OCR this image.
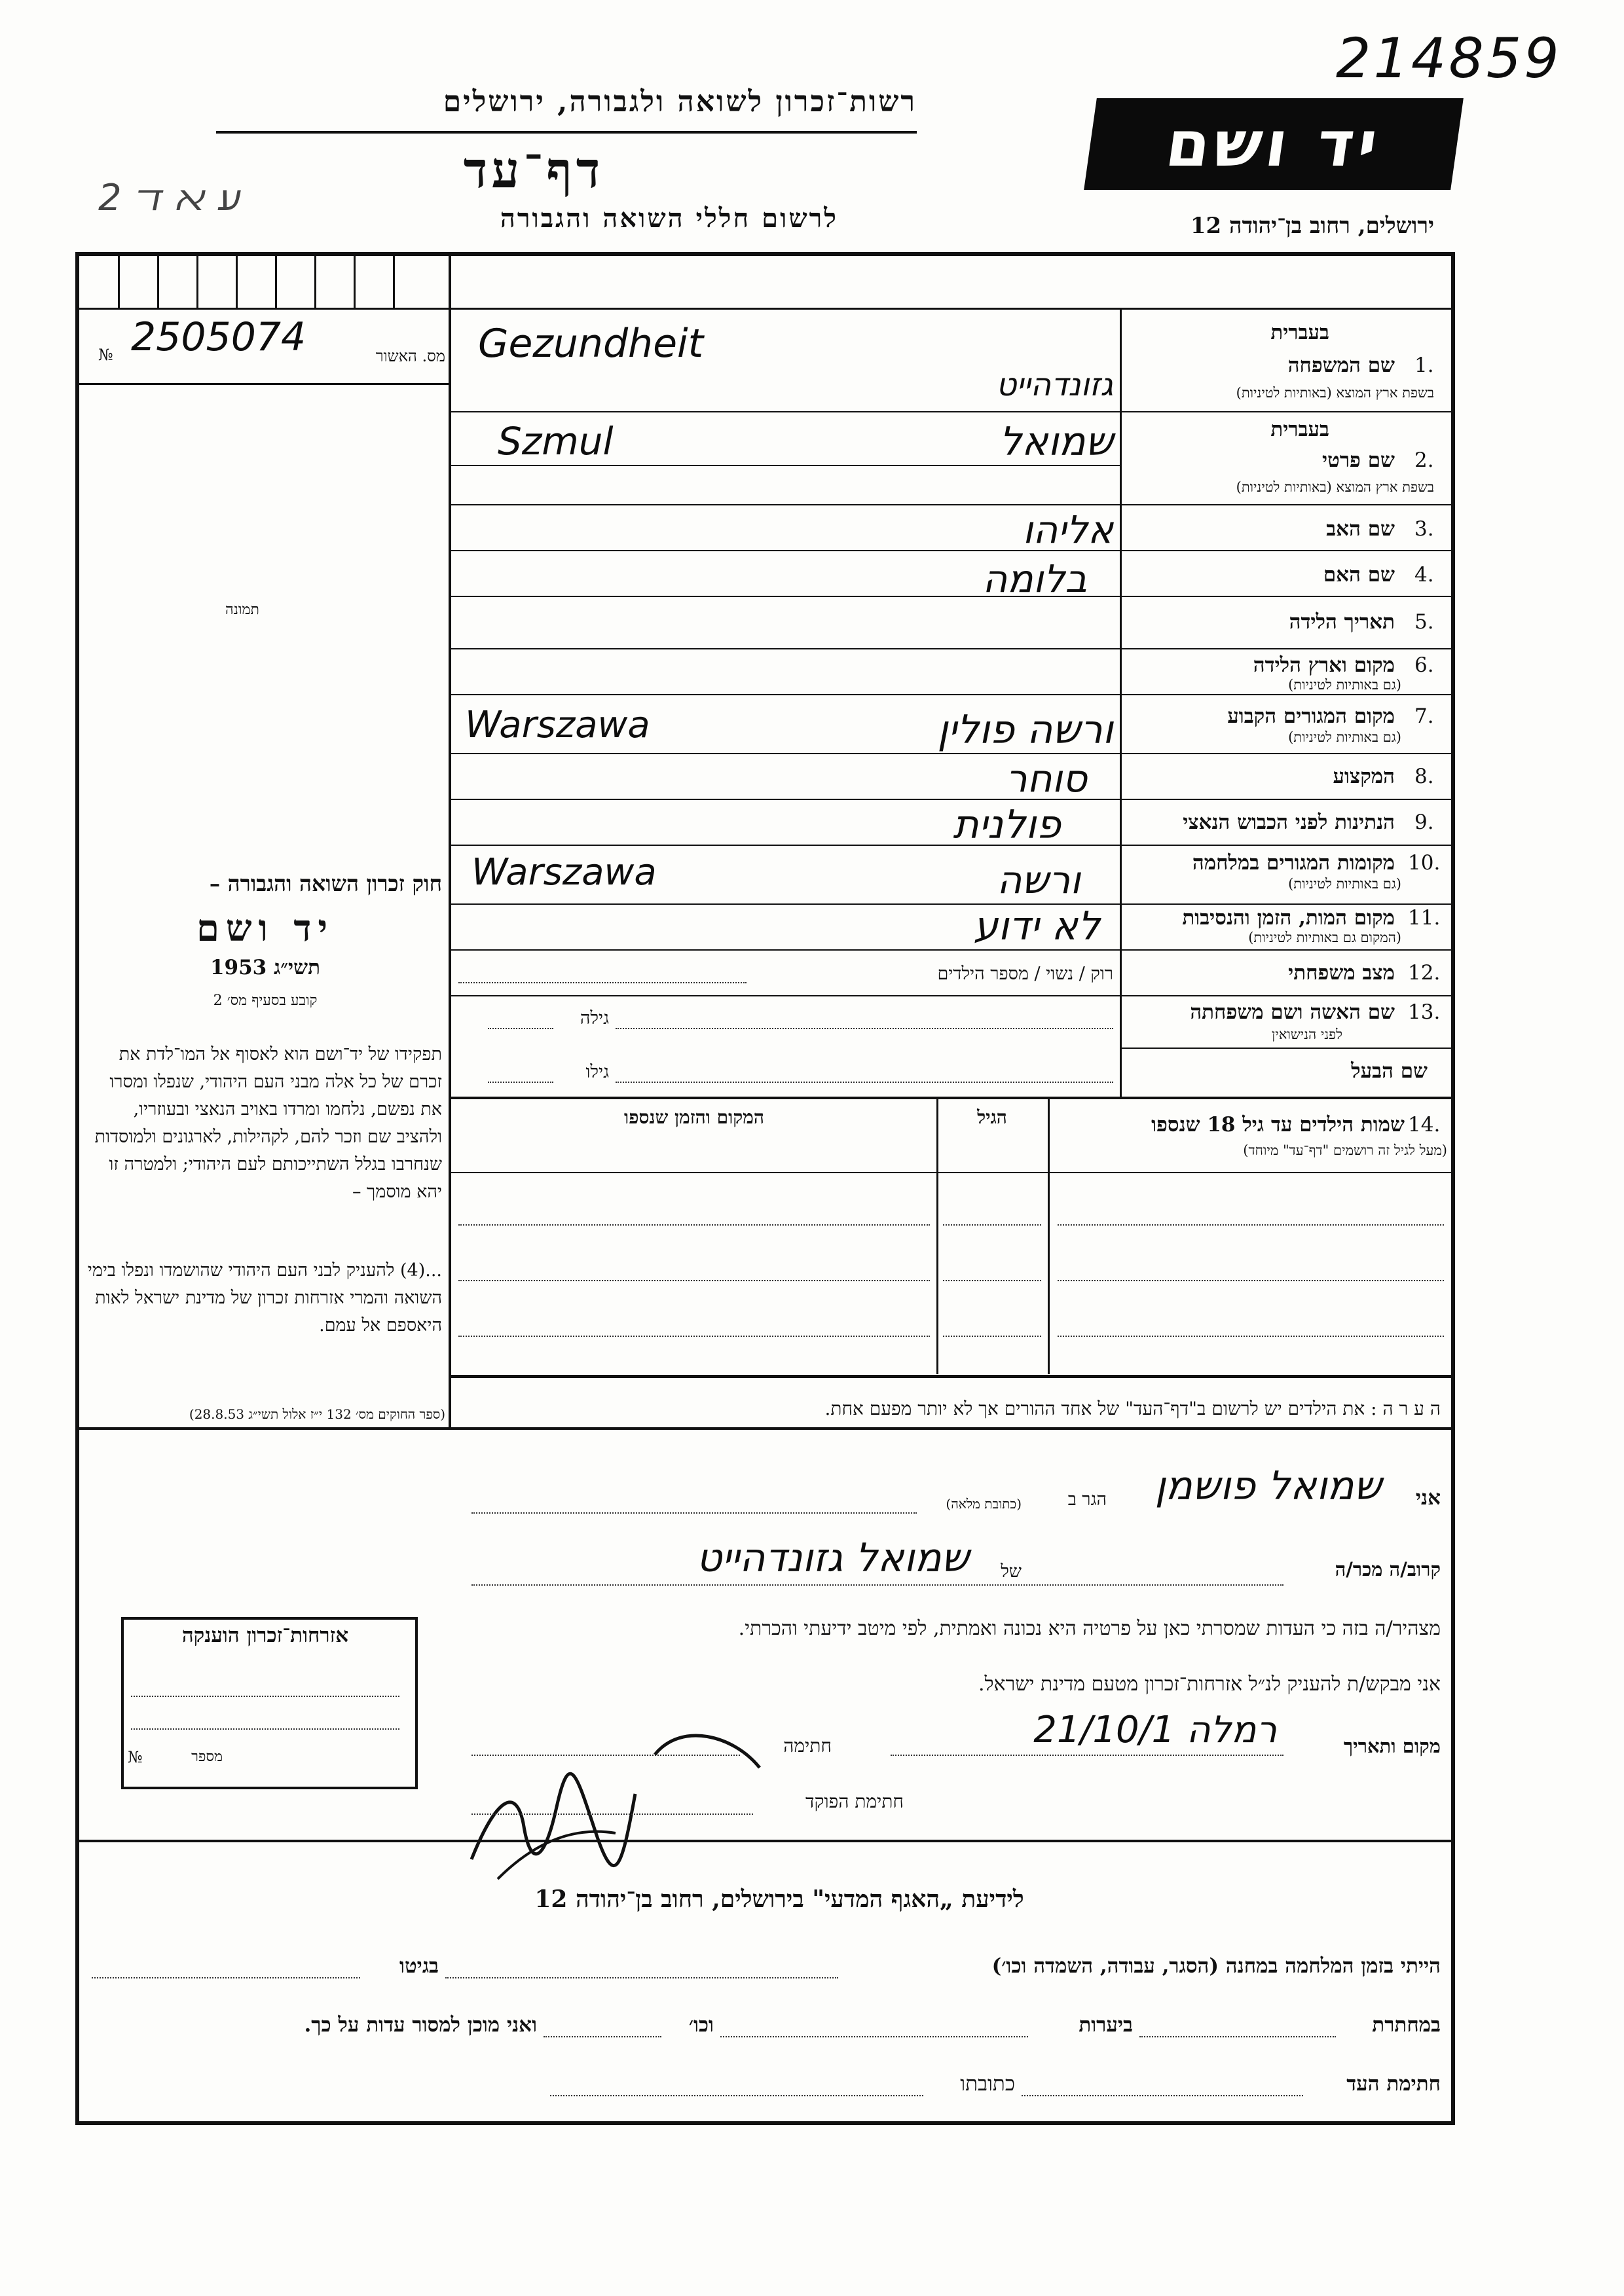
214859
2 ﬠ ﬡ ﬢ
רשות־זכרון לשואה ולגבורה, ירושלים
דף־עד
לרשום חללי השואה והגבורה
יד ושם
ירושלים, רחוב בן־יהודה 12
2505074	מס. האשור
№
תמונה
בעברית
שם המשפחה 1.
בשפת ארץ המוצא (באותיות לטיניות)
Gezundheit
גזונדהייט
בעברית
שם פרטי 2.
בשפת ארץ המוצא (באותיות לטיניות)
Szmul	שמואל
שם האב 3.
אליהו
שם האם 4.
בלומה
תאריך הלידה 5.
מקום וארץ הלידה 6.
(גם באותיות לטיניות)
מקום המגורים הקבוע 7.
(גם באותיות לטיניות)
Warszawa	ורשה פולין
המקצוע 8.
סוחר
הנתינות לפני הכבוש הנאצי 9.
פולנית
מקומות המגורים במלחמה 10.
(גם באותיות לטיניות)
Warszawa	ורשה
מקום המות, הזמן והנסיבות 11.
(המקום גם באותיות לטיניות)
לא ידוע
מצב משפחתי 12.
רוק / נשוי / מספר הילדים
שם האשה ושם משפחתה 13.
לפני הנישואין
גילה
שם הבעל
גילו
שמות הילדים עד גיל 18 שנספו 14.
(מעל לגיל זה רושמים "דף־עד" מיוחד)
הגיל
המקום והזמן שנספו
ה ע ר ה : את הילדים יש לרשום ב"דף־העד" של אחד ההורים אך לא יותר מפעם אחת.
חוק זכרון השואה והגבורה –
יד ושם
תשי״ג 1953
קובע בסעיף מס׳ 2
תפקידו של יד־ושם הוא לאסוף אל המו־לדת את זכרם של כל אלה מבני העם היהודי, שנפלו ומסרו את נפשם, נלחמו ומרדו באויב הנאצי ובעוזריו, ולהציב שם וזכר להם, לקהילות, לארגונים ולמוסדות שנחרבו בגלל השתייכותם לעם היהודי; ולמטרה זו יהא מוסמך –
...(4) להעניק לבני העם היהודי שהושמדו ונפלו בימי השואה והמרי אזרחות זכרון של מדינת ישראל לאות היאספם אל עמם.
(ספר החוקים מס׳ 132 י״ז אלול תשי״ג 28.8.53)
אני
שמואל פושמן
הגר ב
(כתובת מלאה)
קרוב/ה מכר/ה
שמואל גזונדהייט	של
מצהיר/ה בזה כי העדות שמסרתי כאן על פרטיה היא נכונה ואמתית, לפי מיטב ידיעתי והכרתי.
אני מבקש/ת להעניק לנ״ל אזרחות־זכרון מטעם מדינת ישראל.
מקום ותאריך
רמלה 21/10/1
חתימה
חתימת הפוקד
אזרחות־זכרון הוענקה
מספר
№
לידיעת „האגף המדעי" בירושלים, רחוב בן־יהודה 12
הייתי בזמן המלחמה במחנה (הסגר, עבודה, השמדה וכו׳)
בגיטו
במחתרת
ביערות
וכו׳
ואני מוכן למסור עדות על כך.
חתימת העד
כתובתו
